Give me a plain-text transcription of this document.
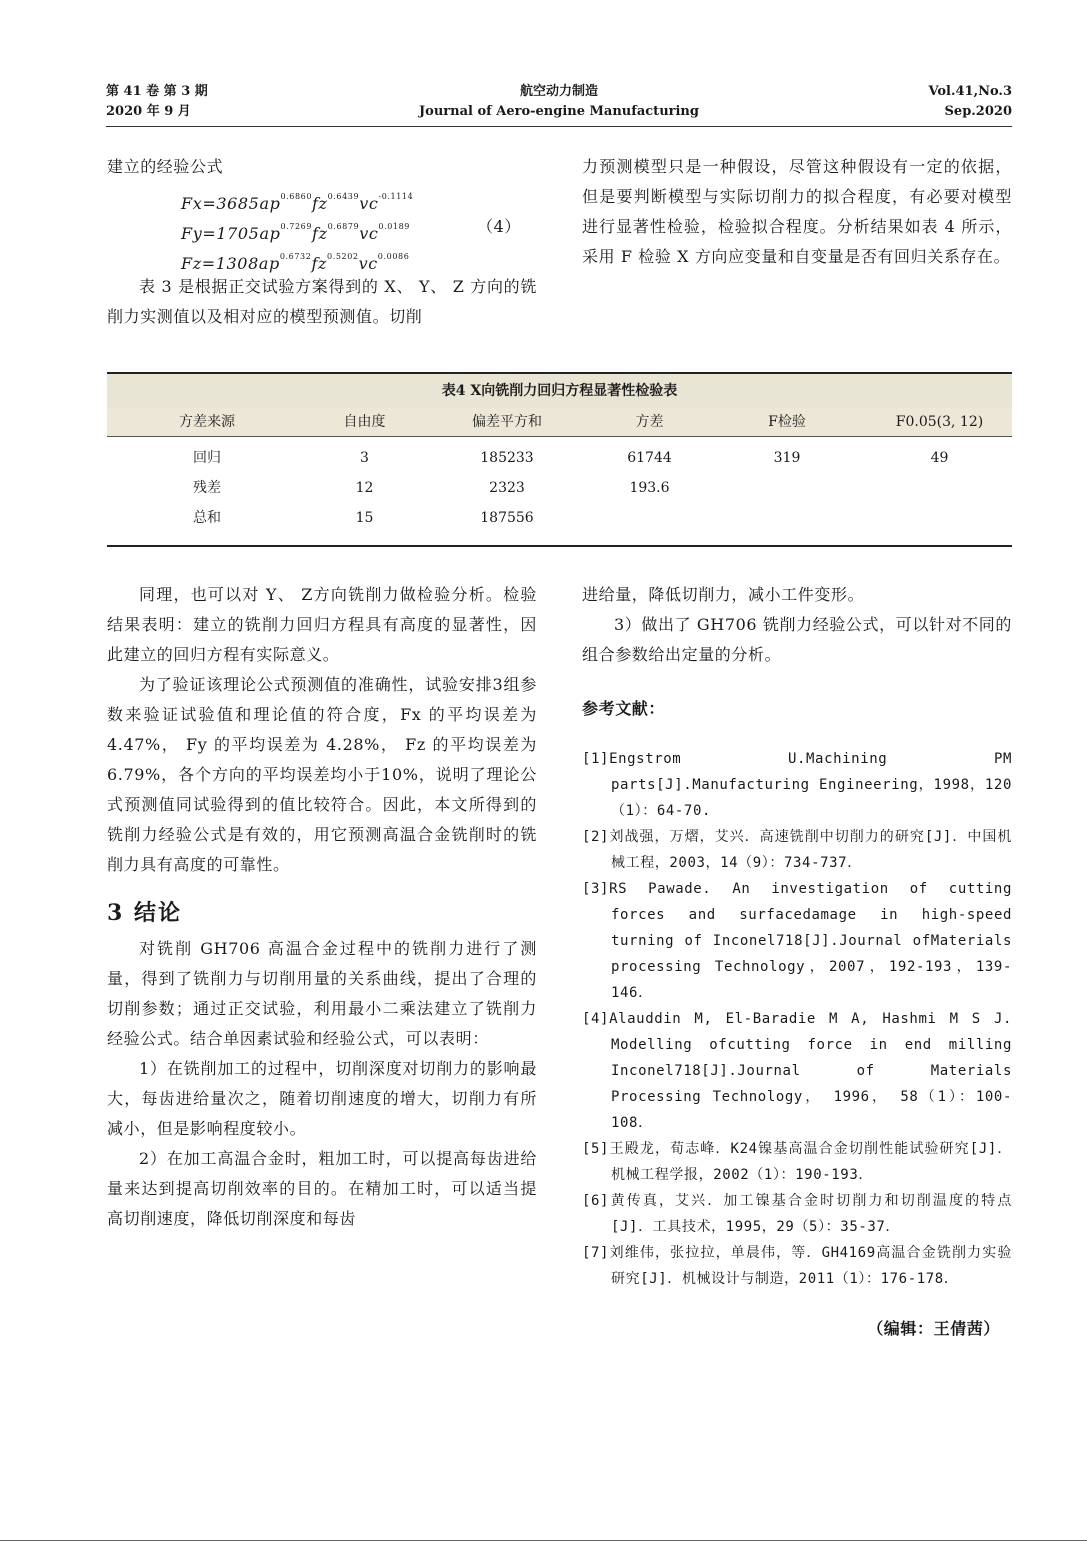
第 41 卷 第 3 期
2020 年 9 月
航空动力制造
Journal of Aero-engine Manufacturing
Vol.41,No.3
Sep.2020

建立的经验公式

$Fx=3685ap^{0.6860}fz^{0.6439}vc^{-0.1114}$
$Fy=1705ap^{0.7269}fz^{0.6879}vc^{0.0189}$	（4）
$Fz=1308ap^{0.6732}fz^{0.5202}vc^{0.0086}$

表 3 是根据正交试验方案得到的 X、 Y、 Z 方向的铣削力实测值以及相对应的模型预测值。切削

力预测模型只是一种假设，尽管这种假设有一定的依据，但是要判断模型与实际切削力的拟合程度，有必要对模型进行显著性检验，检验拟合程度。分析结果如表 4 所示，采用 F 检验 X 方向应变量和自变量是否有回归关系存在。

表4 X向铣削力回归方程显著性检验表
方差来源	自由度	偏差平方和	方差	F检验	F0.05(3, 12)
回归	3	185233	61744	319	49
残差	12	2323	193.6
总和	15	187556

同理，也可以对 Y、 Z方向铣削力做检验分析。检验结果表明：建立的铣削力回归方程具有高度的显著性，因此建立的回归方程有实际意义。

为了验证该理论公式预测值的准确性，试验安排3组参数来验证试验值和理论值的符合度，Fx 的平均误差为 4.47%， Fy 的平均误差为 4.28%， Fz 的平均误差为6.79%，各个方向的平均误差均小于10%，说明了理论公式预测值同试验得到的值比较符合。因此，本文所得到的铣削力经验公式是有效的，用它预测高温合金铣削时的铣削力具有高度的可靠性。

3 结论

对铣削 GH706 高温合金过程中的铣削力进行了测量，得到了铣削力与切削用量的关系曲线，提出了合理的切削参数；通过正交试验，利用最小二乘法建立了铣削力经验公式。结合单因素试验和经验公式，可以表明：

1）在铣削加工的过程中，切削深度对切削力的影响最大，每齿进给量次之，随着切削速度的增大，切削力有所减小，但是影响程度较小。

2）在加工高温合金时，粗加工时，可以提高每齿进给量来达到提高切削效率的目的。在精加工时，可以适当提高切削速度，降低切削深度和每齿

进给量，降低切削力，减小工件变形。

3）做出了 GH706 铣削力经验公式，可以针对不同的组合参数给出定量的分析。

参考文献：

[1]Engstrom U.Machining PM parts[J].Manufacturing Engineering，1998，120（1）：64-70.

[2]刘战强，万熠，艾兴．高速铣削中切削力的研究[J]．中国机械工程，2003，14（9）：734-737．

[3]RS Pawade. An investigation of cutting forces and surfacedamage in high-speed turning of Inconel718[J].Journal ofMaterials processing Technology，2007，192-193，139-146．

[4]Alauddin M, El-Baradie M A, Hashmi M S J. Modelling ofcutting force in end milling Inconel718[J].Journal of Materials Processing Technology， 1996， 58（1）：100-108．

[5]王殿龙，荀志峰．K24镍基高温合金切削性能试验研究[J]．机械工程学报，2002（1）：190-193．

[6]黄传真，艾兴．加工镍基合金时切削力和切削温度的特点[J]．工具技术，1995，29（5）：35-37．

[7]刘维伟，张拉拉，单晨伟，等．GH4169高温合金铣削力实验研究[J]．机械设计与制造，2011（1）：176-178．

（编辑：王倩茜）
